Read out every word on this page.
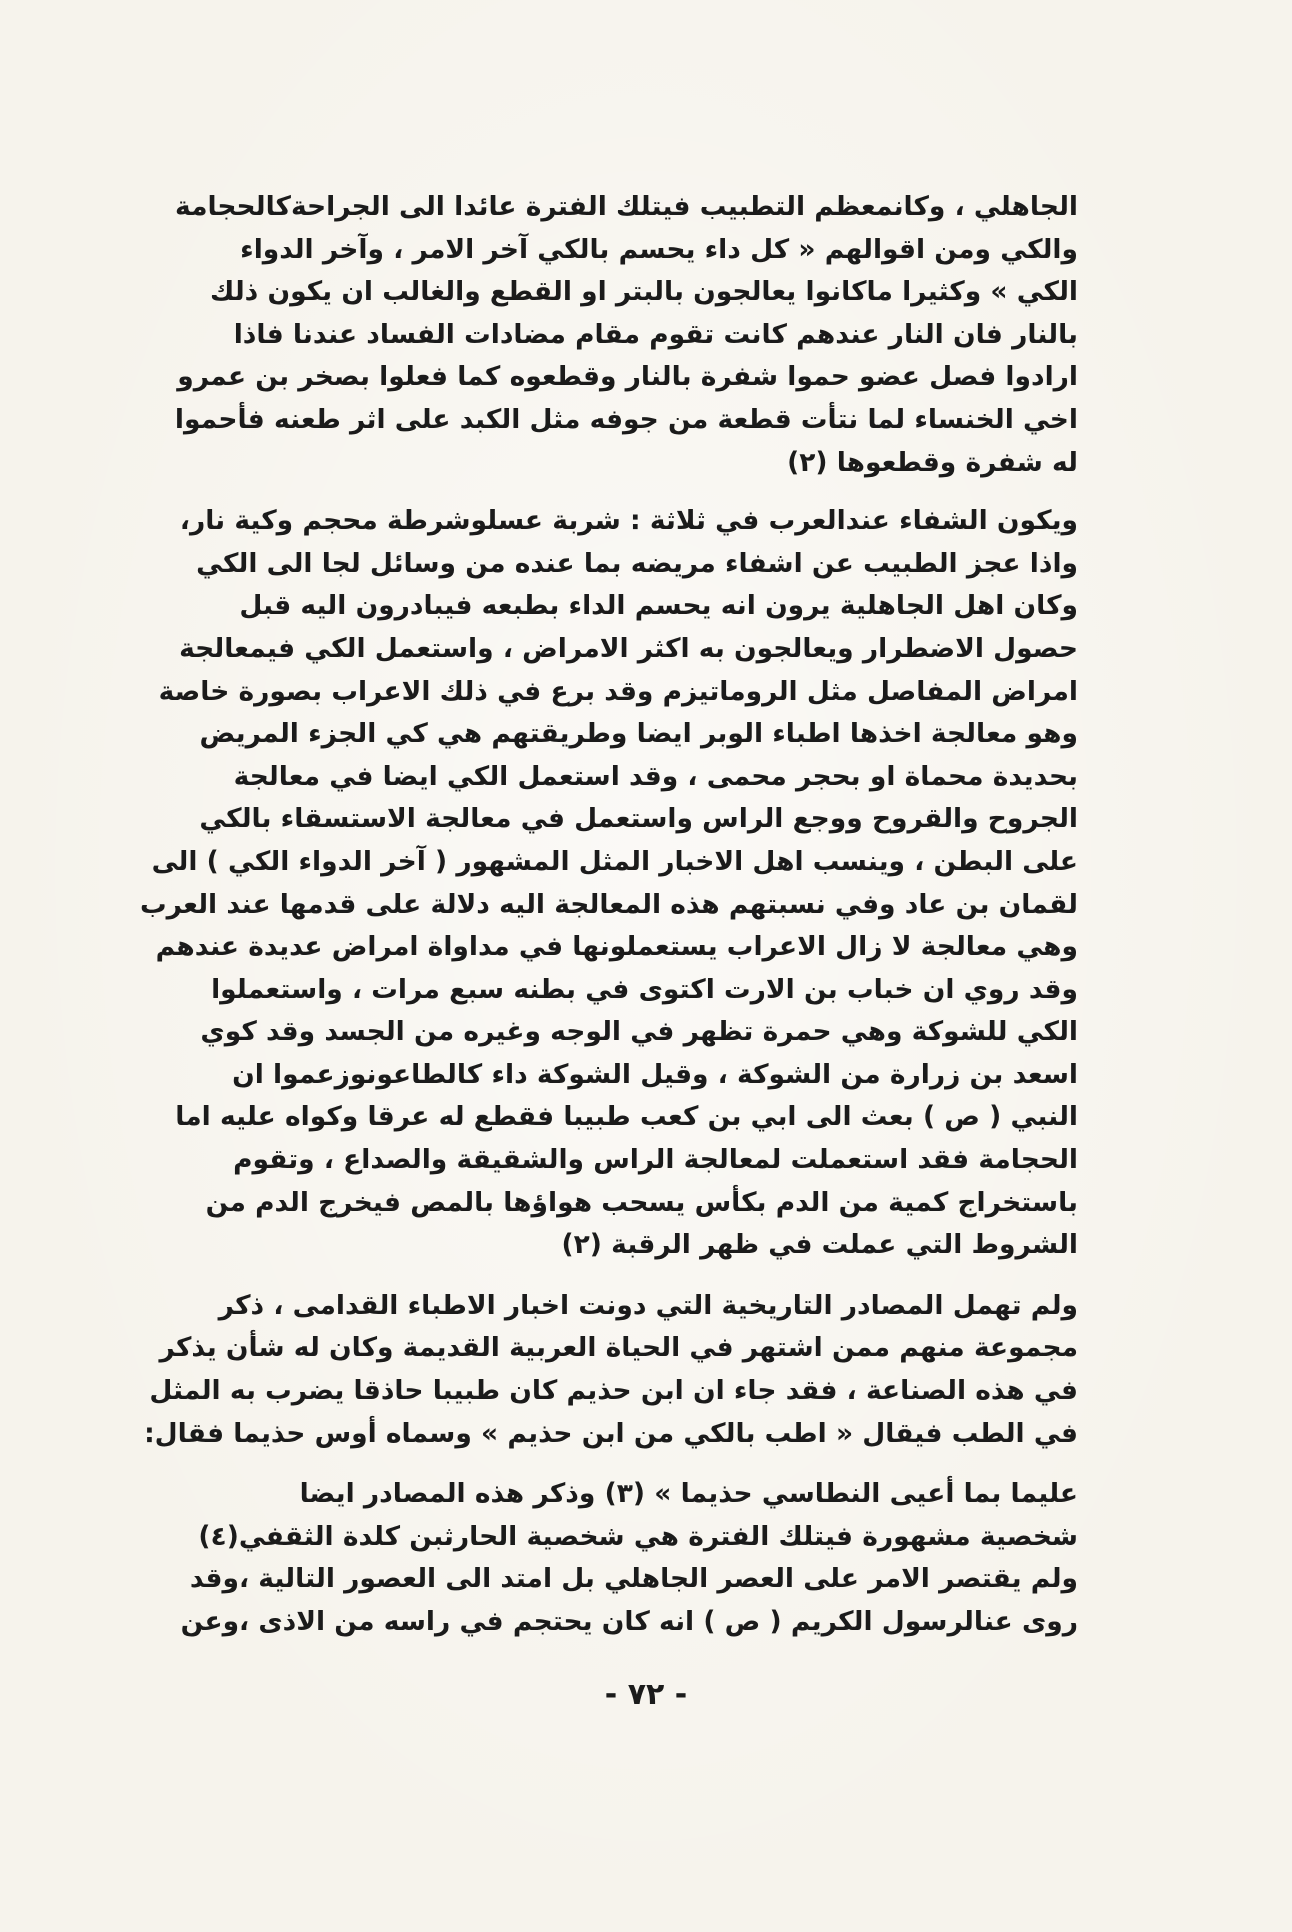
الجاهلي ، وكانمعظم التطبيب فيتلك الفترة عائدا الى الجراحةكالحجامة
والكي ومن اقوالهم « كل داء يحسم بالكي آخر الامر ، وآخر الدواء
الكي » وكثيرا ماكانوا يعالجون بالبتر او القطع والغالب ان يكون ذلك
بالنار فان النار عندهم كانت تقوم مقام مضادات الفساد عندنا فاذا
ارادوا فصل عضو حموا شفرة بالنار وقطعوه كما فعلوا بصخر بن عمرو
اخي الخنساء لما نتأت قطعة من جوفه مثل الكبد على اثر طعنه فأحموا
له شفرة وقطعوها (٢)
ويكون الشفاء عندالعرب في ثلاثة : شربة عسلوشرطة محجم وكية نار،
واذا عجز الطبيب عن اشفاء مريضه بما عنده من وسائل لجا الى الكي
وكان اهل الجاهلية يرون انه يحسم الداء بطبعه فيبادرون اليه قبل
حصول الاضطرار ويعالجون به اكثر الامراض ، واستعمل الكي فيمعالجة
امراض المفاصل مثل الروماتيزم وقد برع في ذلك الاعراب بصورة خاصة
وهو معالجة اخذها اطباء الوبر ايضا وطريقتهم هي كي الجزء المريض
بحديدة محماة او بحجر محمى ، وقد استعمل الكي ايضا في معالجة
الجروح والقروح ووجع الراس واستعمل في معالجة الاستسقاء بالكي
على البطن ، وينسب اهل الاخبار المثل المشهور ( آخر الدواء الكي ) الى
لقمان بن عاد وفي نسبتهم هذه المعالجة اليه دلالة على قدمها عند العرب
وهي معالجة لا زال الاعراب يستعملونها في مداواة امراض عديدة عندهم
وقد روي ان خباب بن الارت اكتوى في بطنه سبع مرات ، واستعملوا
الكي للشوكة وهي حمرة تظهر في الوجه وغيره من الجسد وقد كوي
اسعد بن زرارة من الشوكة ، وقيل الشوكة داء كالطاعونوزعموا ان
النبي ( ص ) بعث الى ابي بن كعب طبيبا فقطع له عرقا وكواه عليه اما
الحجامة فقد استعملت لمعالجة الراس والشقيقة والصداع ، وتقوم
باستخراج كمية من الدم بكأس يسحب هواؤها بالمص فيخرج الدم من
الشروط التي عملت في ظهر الرقبة (٢)
ولم تهمل المصادر التاريخية التي دونت اخبار الاطباء القدامى ، ذكر
مجموعة منهم ممن اشتهر في الحياة العربية القديمة وكان له شأن يذكر
في هذه الصناعة ، فقد جاء ان ابن حذيم كان طبيبا حاذقا يضرب به المثل
في الطب فيقال « اطب بالكي من ابن حذيم » وسماه أوس حذيما فقال:
عليما بما أعيى النطاسي حذيما » (٣) وذكر هذه المصادر ايضا
شخصية مشهورة فيتلك الفترة هي شخصية الحارثبن كلدة الثقفي(٤)
ولم يقتصر الامر على العصر الجاهلي بل امتد الى العصور التالية ،وقد
روى عنالرسول الكريم ( ص ) انه كان يحتجم في راسه من الاذى ،وعن
- ٧٢ -
